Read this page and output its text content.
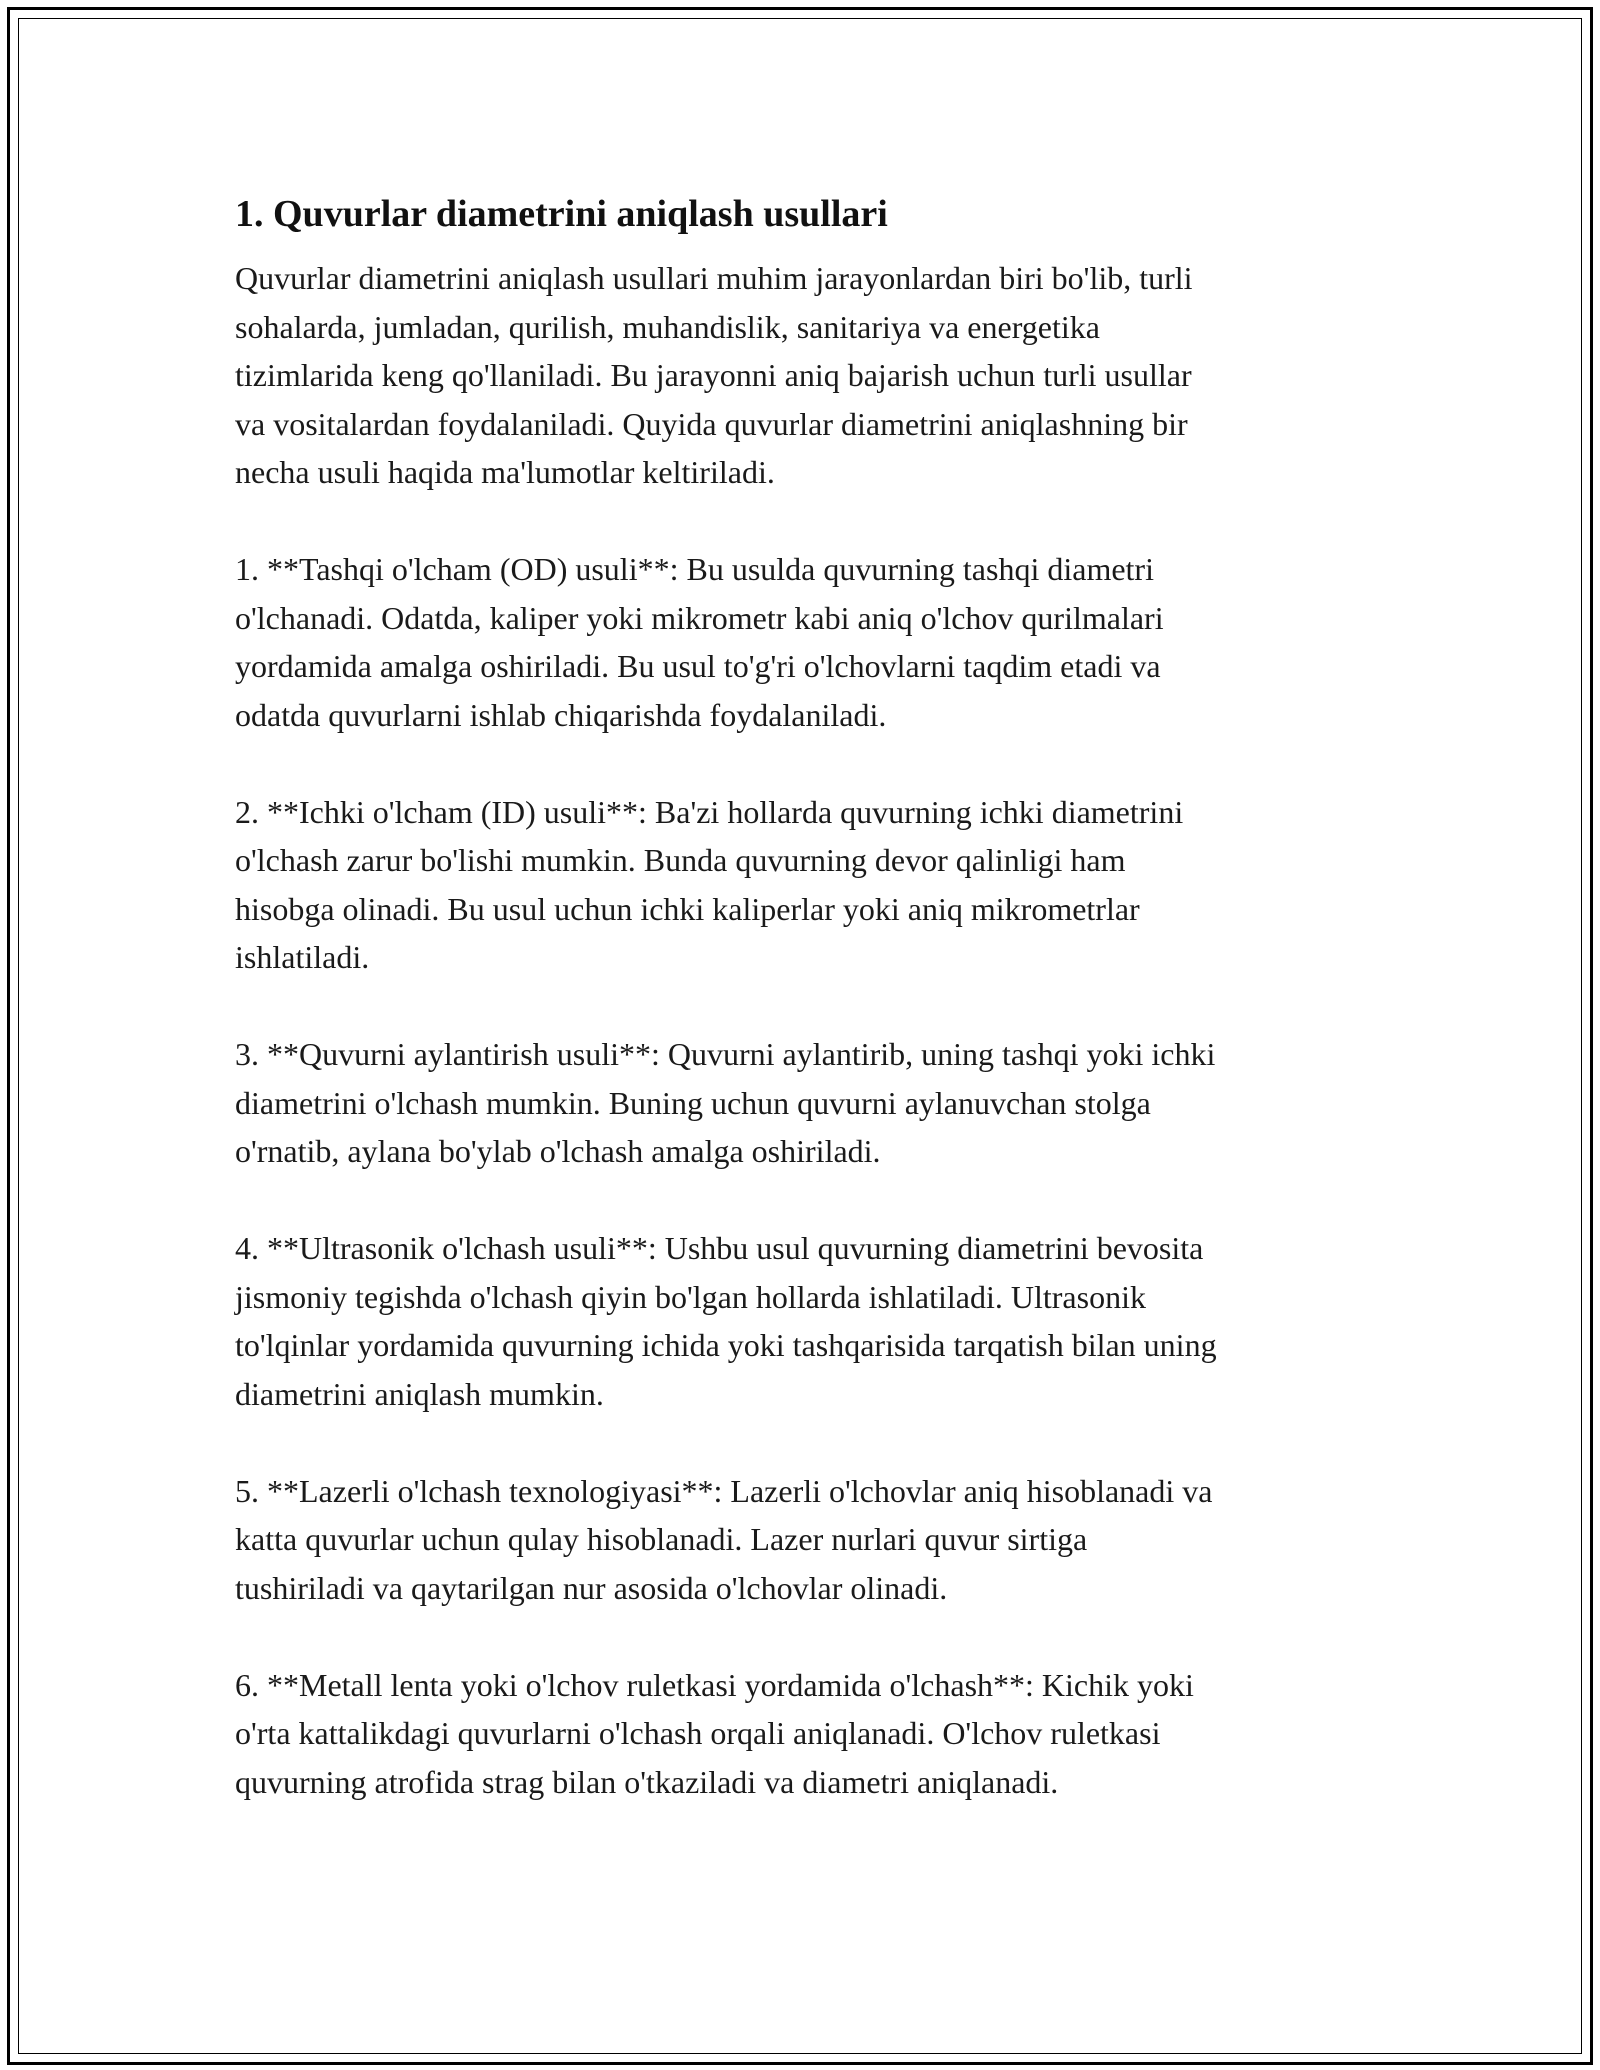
1. Quvurlar diametrini aniqlash usullari

Quvurlar diametrini aniqlash usullari muhim jarayonlardan biri bo'lib, turli
sohalarda, jumladan, qurilish, muhandislik, sanitariya va energetika
tizimlarida keng qo'llaniladi. Bu jarayonni aniq bajarish uchun turli usullar
va vositalardan foydalaniladi. Quyida quvurlar diametrini aniqlashning bir
necha usuli haqida ma'lumotlar keltiriladi.

1. **Tashqi o'lcham (OD) usuli**: Bu usulda quvurning tashqi diametri
o'lchanadi. Odatda, kaliper yoki mikrometr kabi aniq o'lchov qurilmalari
yordamida amalga oshiriladi. Bu usul to'g'ri o'lchovlarni taqdim etadi va
odatda quvurlarni ishlab chiqarishda foydalaniladi.

2. **Ichki o'lcham (ID) usuli**: Ba'zi hollarda quvurning ichki diametrini
o'lchash zarur bo'lishi mumkin. Bunda quvurning devor qalinligi ham
hisobga olinadi. Bu usul uchun ichki kaliperlar yoki aniq mikrometrlar
ishlatiladi.

3. **Quvurni aylantirish usuli**: Quvurni aylantirib, uning tashqi yoki ichki
diametrini o'lchash mumkin. Buning uchun quvurni aylanuvchan stolga
o'rnatib, aylana bo'ylab o'lchash amalga oshiriladi.

4. **Ultrasonik o'lchash usuli**: Ushbu usul quvurning diametrini bevosita
jismoniy tegishda o'lchash qiyin bo'lgan hollarda ishlatiladi. Ultrasonik
to'lqinlar yordamida quvurning ichida yoki tashqarisida tarqatish bilan uning
diametrini aniqlash mumkin.

5. **Lazerli o'lchash texnologiyasi**: Lazerli o'lchovlar aniq hisoblanadi va
katta quvurlar uchun qulay hisoblanadi. Lazer nurlari quvur sirtiga
tushiriladi va qaytarilgan nur asosida o'lchovlar olinadi.

6. **Metall lenta yoki o'lchov ruletkasi yordamida o'lchash**: Kichik yoki
o'rta kattalikdagi quvurlarni o'lchash orqali aniqlanadi. O'lchov ruletkasi
quvurning atrofida strag bilan o'tkaziladi va diametri aniqlanadi.
